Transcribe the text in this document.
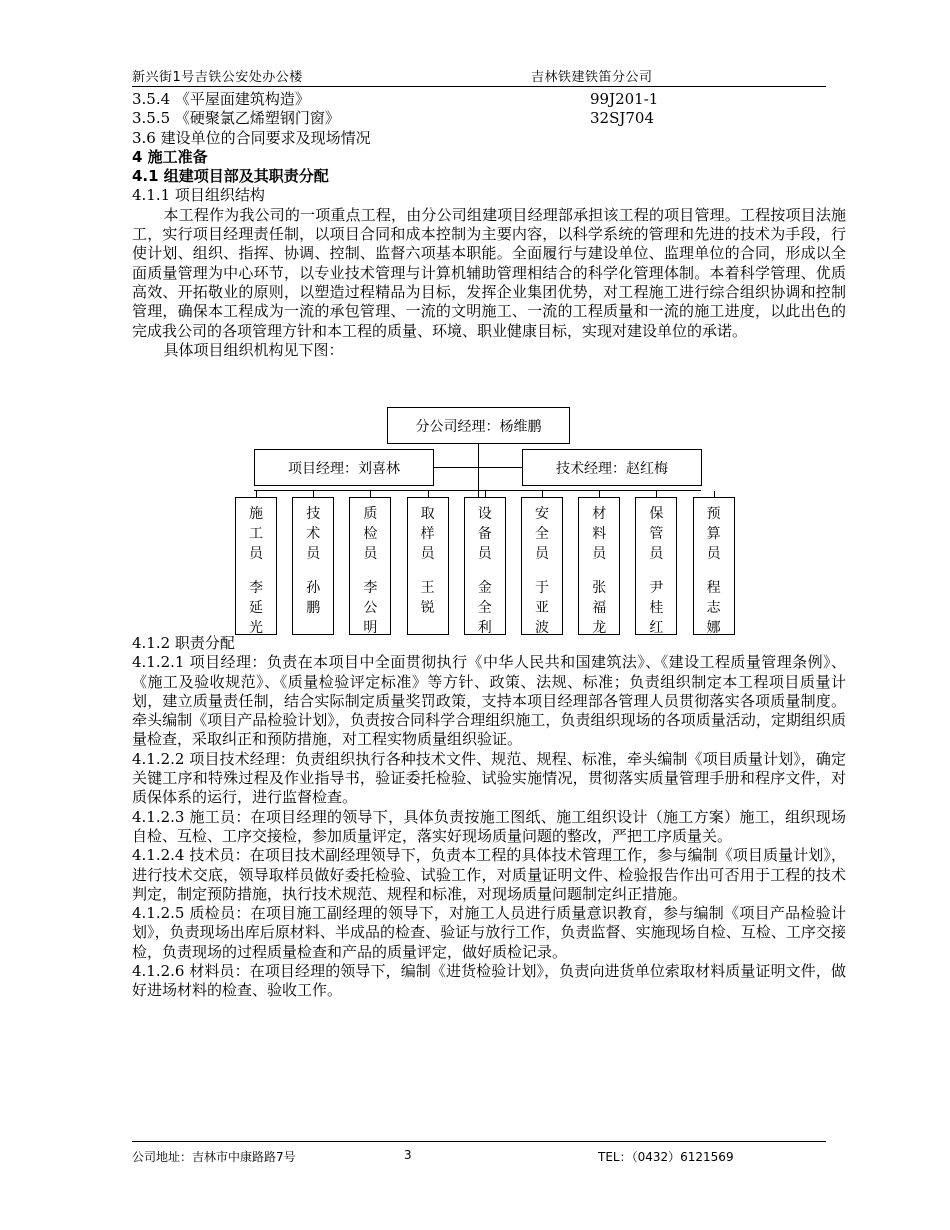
新兴街1号吉铁公安处办公楼	吉林铁建铁笛分公司
3.5.4 《平屋面建筑构造》	99J201-1
3.5.5 《硬聚氯乙烯塑钢门窗》	32SJ704
3.6 建设单位的合同要求及现场情况
4 施工准备
4.1 组建项目部及其职责分配
4.1.1 项目组织结构
本工程作为我公司的一项重点工程，由分公司组建项目经理部承担该工程的项目管理。工程按项目法施工，实行项目经理责任制，以项目合同和成本控制为主要内容，以科学系统的管理和先进的技术为手段，行使计划、组织、指挥、协调、控制、监督六项基本职能。全面履行与建设单位、监理单位的合同，形成以全面质量管理为中心环节，以专业技术管理与计算机辅助管理相结合的科学化管理体制。本着科学管理、优质高效、开拓敬业的原则，以塑造过程精品为目标，发挥企业集团优势，对工程施工进行综合组织协调和控制管理，确保本工程成为一流的承包管理、一流的文明施工、一流的工程质量和一流的施工进度，以此出色的完成我公司的各项管理方针和本工程的质量、环境、职业健康目标，实现对建设单位的承诺。
具体项目组织机构见下图：
分公司经理：杨维鹏
项目经理：刘喜林	技术经理：赵红梅
施工员
李延光
技术员
孙 鹏
质检员
李公明
取样员
王 锐
设备员
金全利
安全员
于亚波
材料员
张福龙
保管员
尹桂红
预算员
程志娜
4.1.2 职责分配
4.1.2.1 项目经理：负责在本项目中全面贯彻执行《中华人民共和国建筑法》、《建设工程质量管理条例》、《施工及验收规范》、《质量检验评定标准》等方针、政策、法规、标准；负责组织制定本工程项目质量计划，建立质量责任制，结合实际制定质量奖罚政策，支持本项目经理部各管理人员贯彻落实各项质量制度。牵头编制《项目产品检验计划》，负责按合同科学合理组织施工，负责组织现场的各项质量活动，定期组织质量检查，采取纠正和预防措施，对工程实物质量组织验证。
4.1.2.2 项目技术经理：负责组织执行各种技术文件、规范、规程、标准，牵头编制《项目质量计划》，确定关键工序和特殊过程及作业指导书，验证委托检验、试验实施情况，贯彻落实质量管理手册和程序文件，对质保体系的运行，进行监督检查。
4.1.2.3 施工员：在项目经理的领导下，具体负责按施工图纸、施工组织设计（施工方案）施工，组织现场自检、互检、工序交接检，参加质量评定，落实好现场质量问题的整改，严把工序质量关。
4.1.2.4 技术员：在项目技术副经理领导下，负责本工程的具体技术管理工作，参与编制《项目质量计划》，进行技术交底，领导取样员做好委托检验、试验工作，对质量证明文件、检验报告作出可否用于工程的技术判定，制定预防措施，执行技术规范、规程和标准，对现场质量问题制定纠正措施。
4.1.2.5 质检员：在项目施工副经理的领导下，对施工人员进行质量意识教育，参与编制《项目产品检验计划》，负责现场出库后原材料、半成品的检查、验证与放行工作，负责监督、实施现场自检、互检、工序交接检，负责现场的过程质量检查和产品的质量评定，做好质检记录。
4.1.2.6 材料员：在项目经理的领导下，编制《进货检验计划》，负责向进货单位索取材料质量证明文件，做好进场材料的检查、验收工作。
公司地址：吉林市中康路路7号	3	TEL：（0432）6121569
